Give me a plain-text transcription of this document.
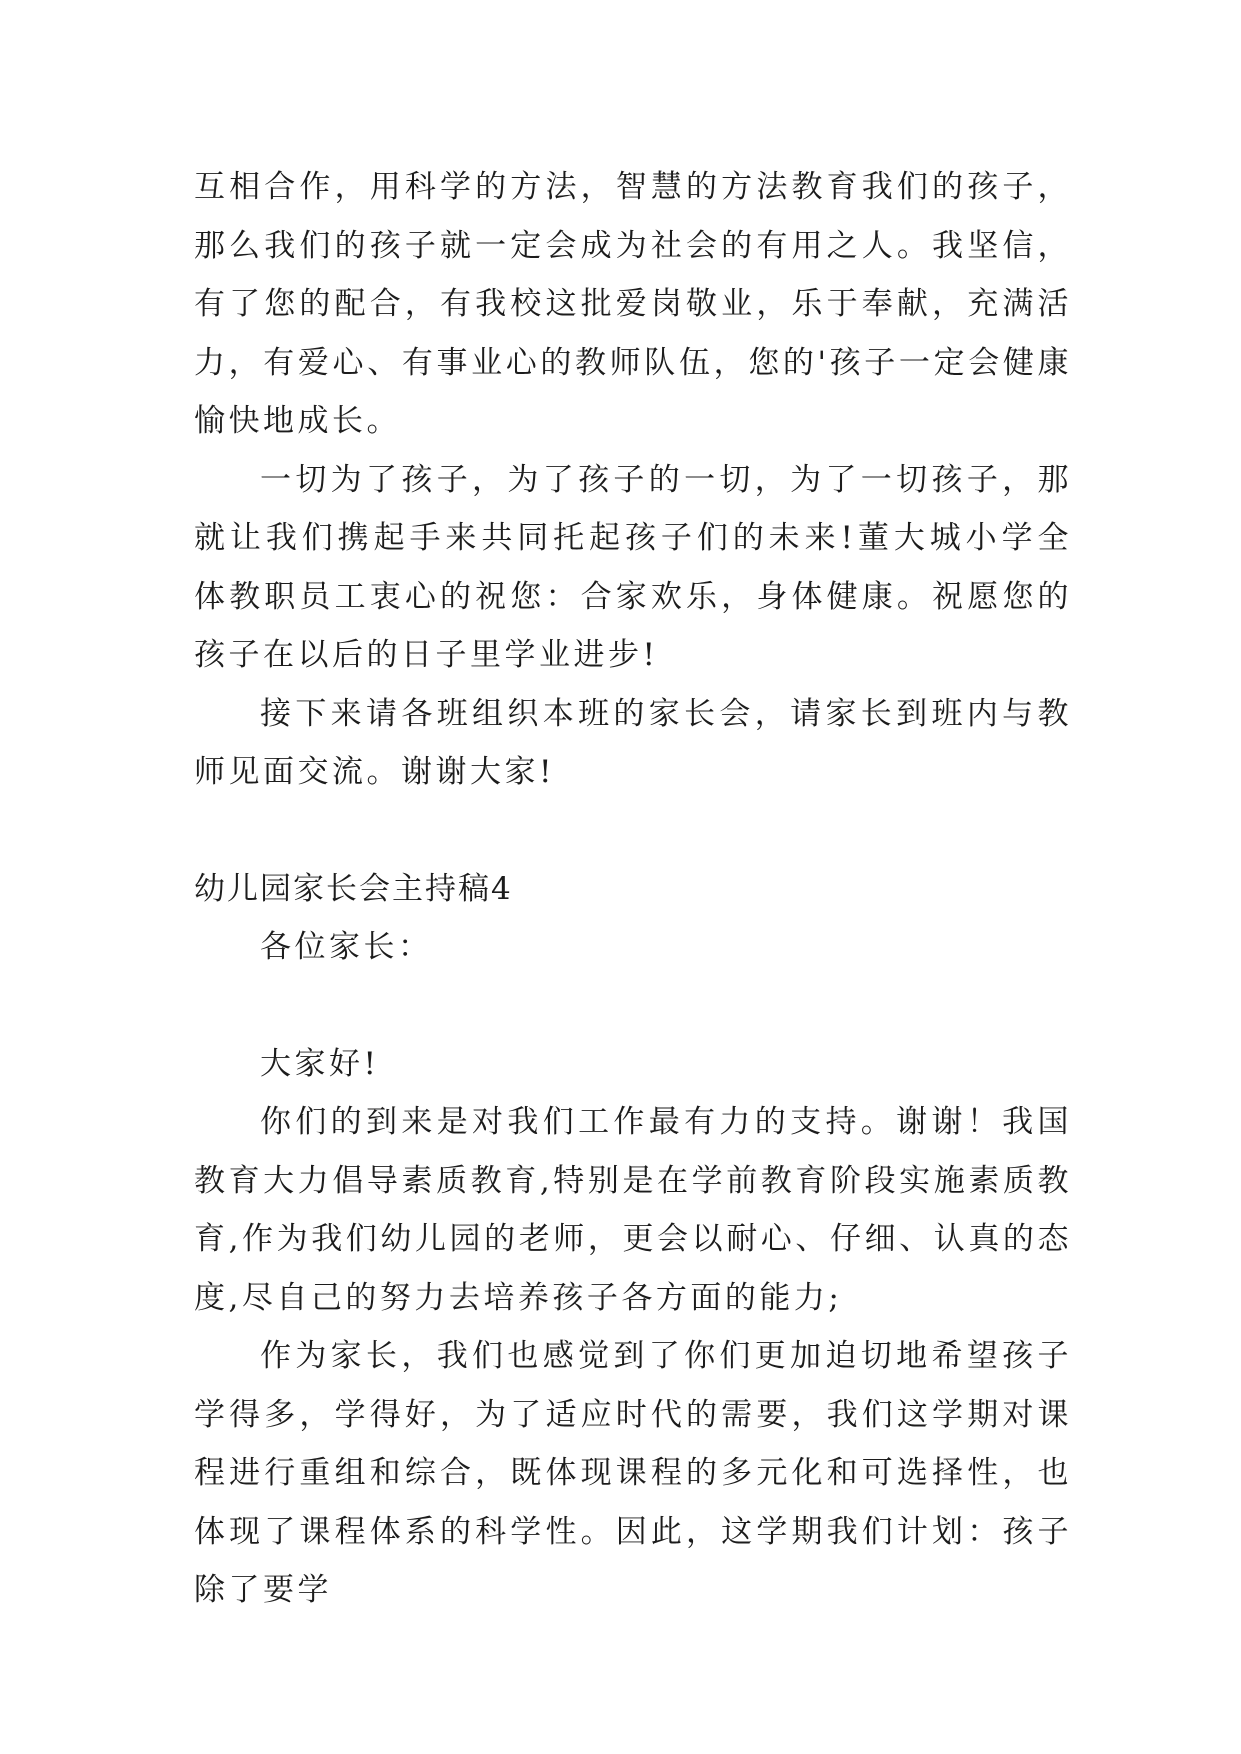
互相合作，用科学的方法，智慧的方法教育我们的孩子，那么我们的孩子就一定会成为社会的有用之人。我坚信，有了您的配合，有我校这批爱岗敬业，乐于奉献，充满活力，有爱心、有事业心的教师队伍，您的'孩子一定会健康愉快地成长。

一切为了孩子，为了孩子的一切，为了一切孩子，那就让我们携起手来共同托起孩子们的未来!董大城小学全体教职员工衷心的祝您：合家欢乐，身体健康。祝愿您的孩子在以后的日子里学业进步!

接下来请各班组织本班的家长会，请家长到班内与教师见面交流。谢谢大家!

幼儿园家长会主持稿4

各位家长：

大家好!

你们的到来是对我们工作最有力的支持。谢谢！我国教育大力倡导素质教育,特别是在学前教育阶段实施素质教育,作为我们幼儿园的老师，更会以耐心、仔细、认真的态度,尽自己的努力去培养孩子各方面的能力;

作为家长，我们也感觉到了你们更加迫切地希望孩子学得多，学得好，为了适应时代的需要，我们这学期对课程进行重组和综合，既体现课程的多元化和可选择性，也体现了课程体系的科学性。因此，这学期我们计划：孩子除了要学
